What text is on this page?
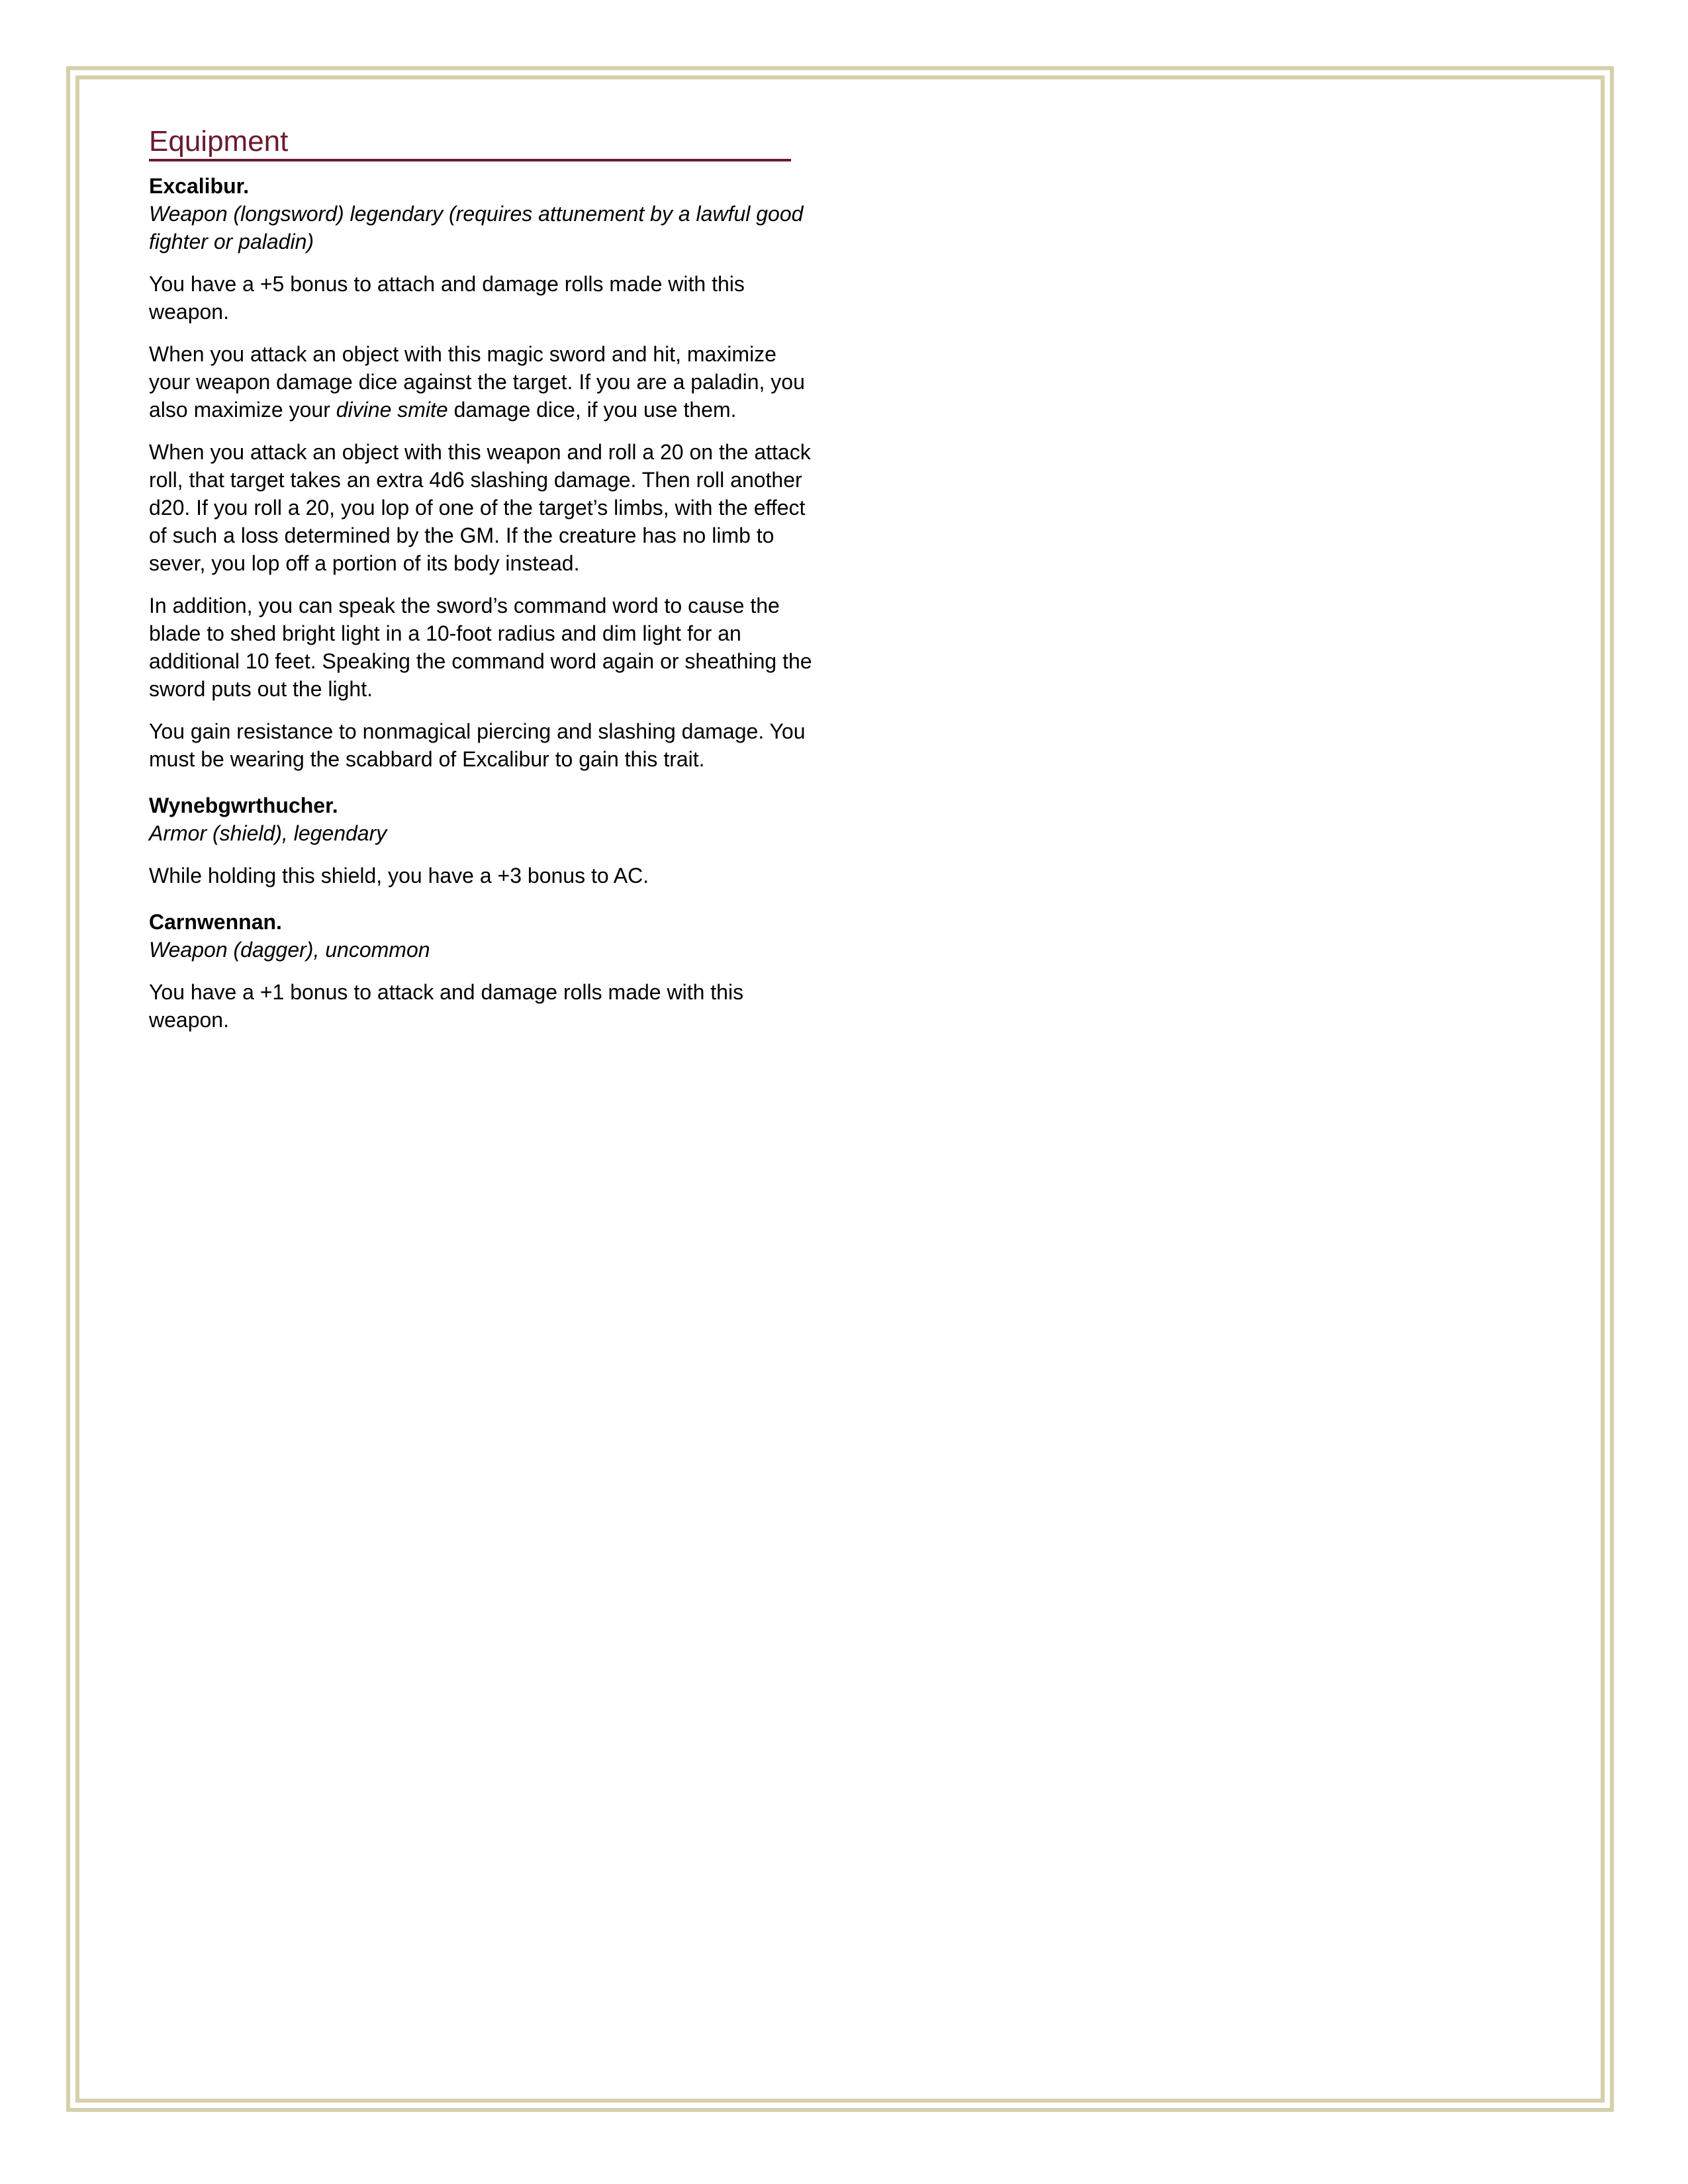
Equipment
Excalibur.
Weapon (longsword) legendary (requires attunement by a lawful good fighter or paladin)

You have a +5 bonus to attach and damage rolls made with this weapon.

When you attack an object with this magic sword and hit, maximize your weapon damage dice against the target. If you are a paladin, you also maximize your divine smite damage dice, if you use them.

When you attack an object with this weapon and roll a 20 on the attack roll, that target takes an extra 4d6 slashing damage. Then roll another d20. If you roll a 20, you lop of one of the target’s limbs, with the effect of such a loss determined by the GM. If the creature has no limb to sever, you lop off a portion of its body instead.

In addition, you can speak the sword’s command word to cause the blade to shed bright light in a 10-foot radius and dim light for an additional 10 feet. Speaking the command word again or sheathing the sword puts out the light.

You gain resistance to nonmagical piercing and slashing damage. You must be wearing the scabbard of Excalibur to gain this trait.

Wynebgwrthucher.
Armor (shield), legendary

While holding this shield, you have a +3 bonus to AC.

Carnwennan.
Weapon (dagger), uncommon

You have a +1 bonus to attack and damage rolls made with this weapon.
